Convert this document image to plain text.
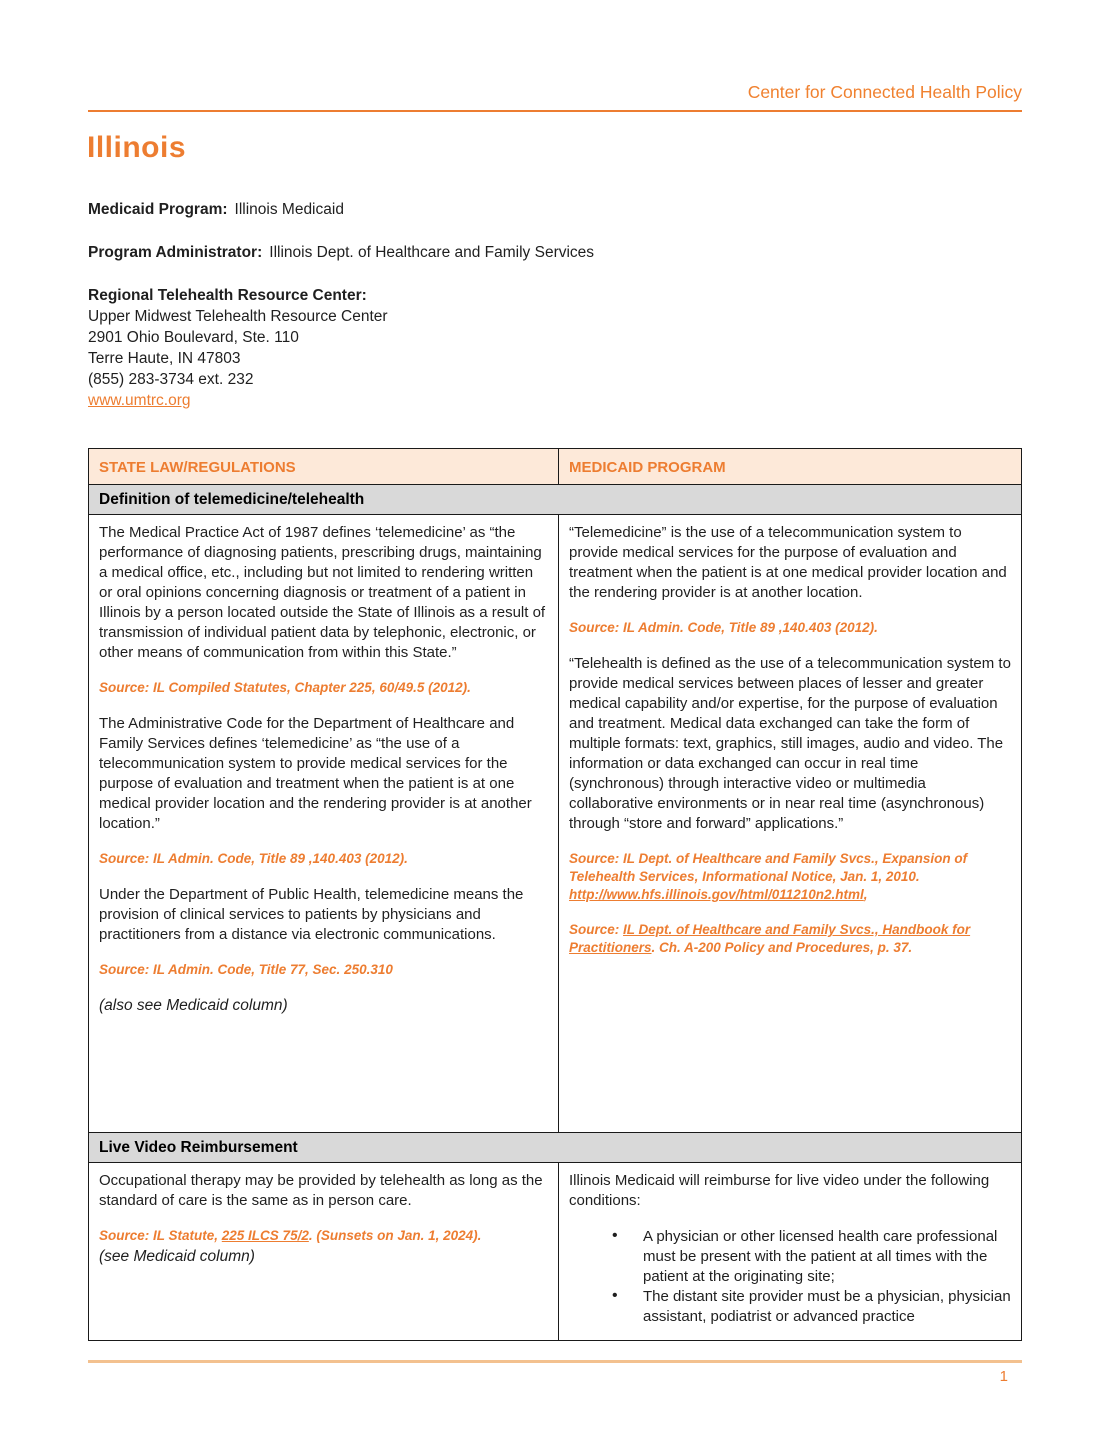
Center for Connected Health Policy
Illinois

Medicaid Program: Illinois Medicaid

Program Administrator: Illinois Dept. of Healthcare and Family Services

Regional Telehealth Resource Center:

Upper Midwest Telehealth Resource Center
2901 Ohio Boulevard, Ste. 110
Terre Haute, IN 47803
(855) 283-3734 ext. 232
www.umtrc.org
STATE LAW/REGULATIONS	MEDICAID PROGRAM
Definition of telemedicine/telehealth

The Medical Practice Act of 1987 defines ‘telemedicine’ as “the performance of diagnosing patients, prescribing drugs, maintaining a medical office, etc., including but not limited to rendering written or oral opinions concerning diagnosis or treatment of a patient in Illinois by a person located outside the State of Illinois as a result of transmission of individual patient data by telephonic, electronic, or other means of communication from within this State.”

Source: IL Compiled Statutes, Chapter 225, 60/49.5 (2012).

The Administrative Code for the Department of Healthcare and Family Services defines ‘telemedicine’ as “the use of a telecommunication system to provide medical services for the purpose of evaluation and treatment when the patient is at one medical provider location and the rendering provider is at another location.”

Source: IL Admin. Code, Title 89 ,140.403 (2012).

Under the Department of Public Health, telemedicine means the provision of clinical services to patients by physicians and practitioners from a distance via electronic communications.

Source: IL Admin. Code, Title 77, Sec. 250.310

(also see Medicaid column)

“Telemedicine” is the use of a telecommunication system to provide medical services for the purpose of evaluation and treatment when the patient is at one medical provider location and the rendering provider is at another location.

Source: IL Admin. Code, Title 89 ,140.403 (2012).

“Telehealth is defined as the use of a telecommunication system to provide medical services between places of lesser and greater medical capability and/or expertise, for the purpose of evaluation and treatment. Medical data exchanged can take the form of multiple formats: text, graphics, still images, audio and video. The information or data exchanged can occur in real time (synchronous) through interactive video or multimedia collaborative environments or in near real time (asynchronous) through “store and forward” applications.”

Source: IL Dept. of Healthcare and Family Svcs., Expansion of Telehealth Services, Informational Notice, Jan. 1, 2010.
http://www.hfs.illinois.gov/html/011210n2.html,

Source: IL Dept. of Healthcare and Family Svcs., Handbook for Practitioners. Ch. A-200 Policy and Procedures, p. 37.

Live Video Reimbursement

Occupational therapy may be provided by telehealth as long as the standard of care is the same as in person care.

Source: IL Statute, 225 ILCS 75/2. (Sunsets on Jan. 1, 2024).

(see Medicaid column)

Illinois Medicaid will reimburse for live video under the following conditions:

• A physician or other licensed health care professional must be present with the patient at all times with the patient at the originating site;
• The distant site provider must be a physician, physician assistant, podiatrist or advanced practice
1
